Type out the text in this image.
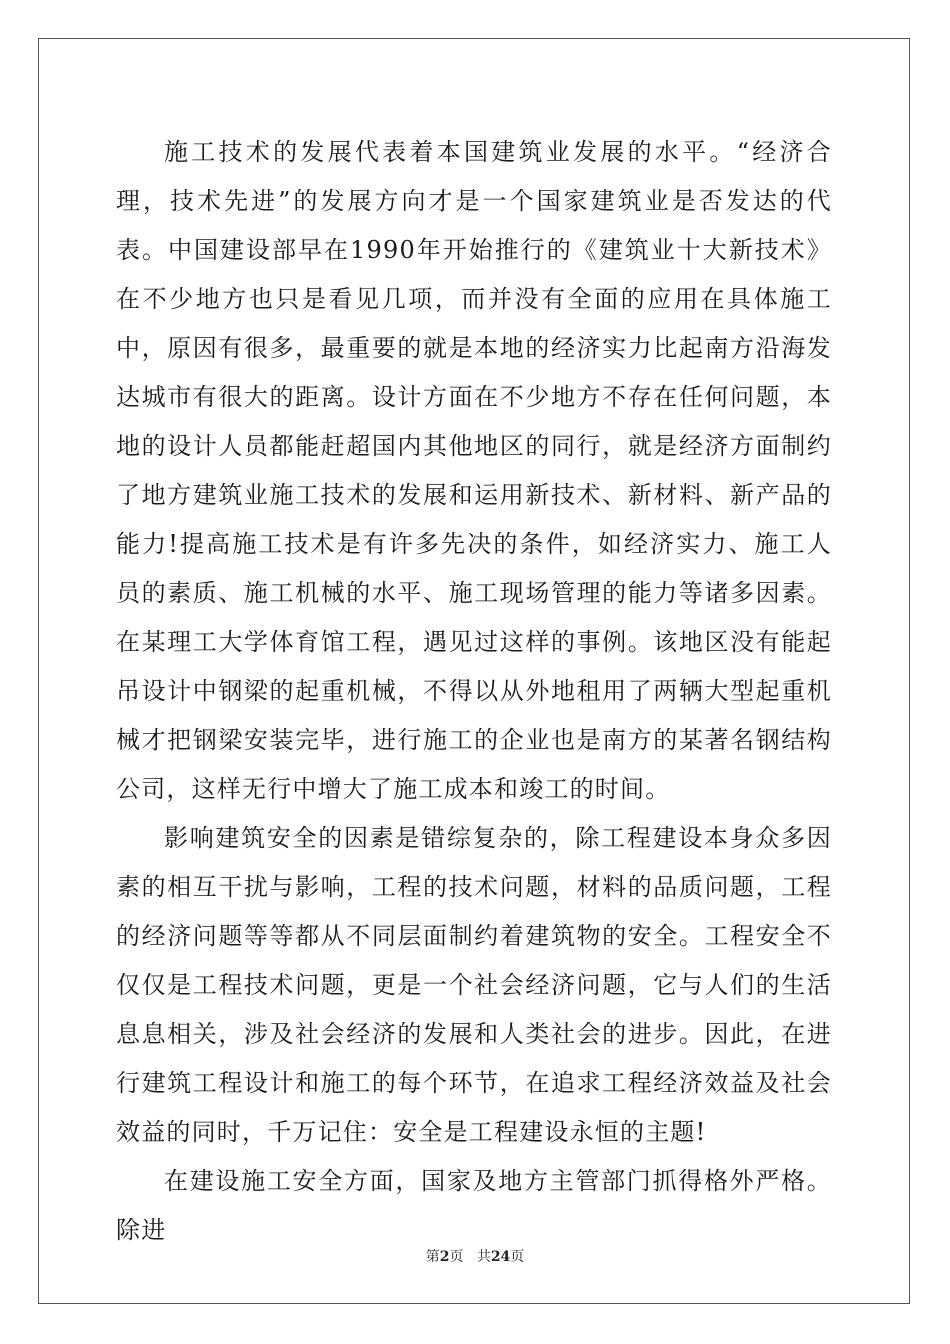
施工技术的发展代表着本国建筑业发展的水平。“经济合理，技术先进”的发展方向才是一个国家建筑业是否发达的代表。中国建设部早在1990年开始推行的《建筑业十大新技术》在不少地方也只是看见几项，而并没有全面的应用在具体施工中，原因有很多，最重要的就是本地的经济实力比起南方沿海发达城市有很大的距离。设计方面在不少地方不存在任何问题，本地的设计人员都能赶超国内其他地区的同行，就是经济方面制约了地方建筑业施工技术的发展和运用新技术、新材料、新产品的能力!提高施工技术是有许多先决的条件，如经济实力、施工人员的素质、施工机械的水平、施工现场管理的能力等诸多因素。在某理工大学体育馆工程，遇见过这样的事例。该地区没有能起吊设计中钢梁的起重机械，不得以从外地租用了两辆大型起重机械才把钢梁安装完毕，进行施工的企业也是南方的某著名钢结构公司，这样无行中增大了施工成本和竣工的时间。

影响建筑安全的因素是错综复杂的，除工程建设本身众多因素的相互干扰与影响，工程的技术问题，材料的品质问题，工程的经济问题等等都从不同层面制约着建筑物的安全。工程安全不仅仅是工程技术问题，更是一个社会经济问题，它与人们的生活息息相关，涉及社会经济的发展和人类社会的进步。因此，在进行建筑工程设计和施工的每个环节，在追求工程经济效益及社会效益的同时，千万记住：安全是工程建设永恒的主题!

在建设施工安全方面，国家及地方主管部门抓得格外严格。除进

第2页 共24页
